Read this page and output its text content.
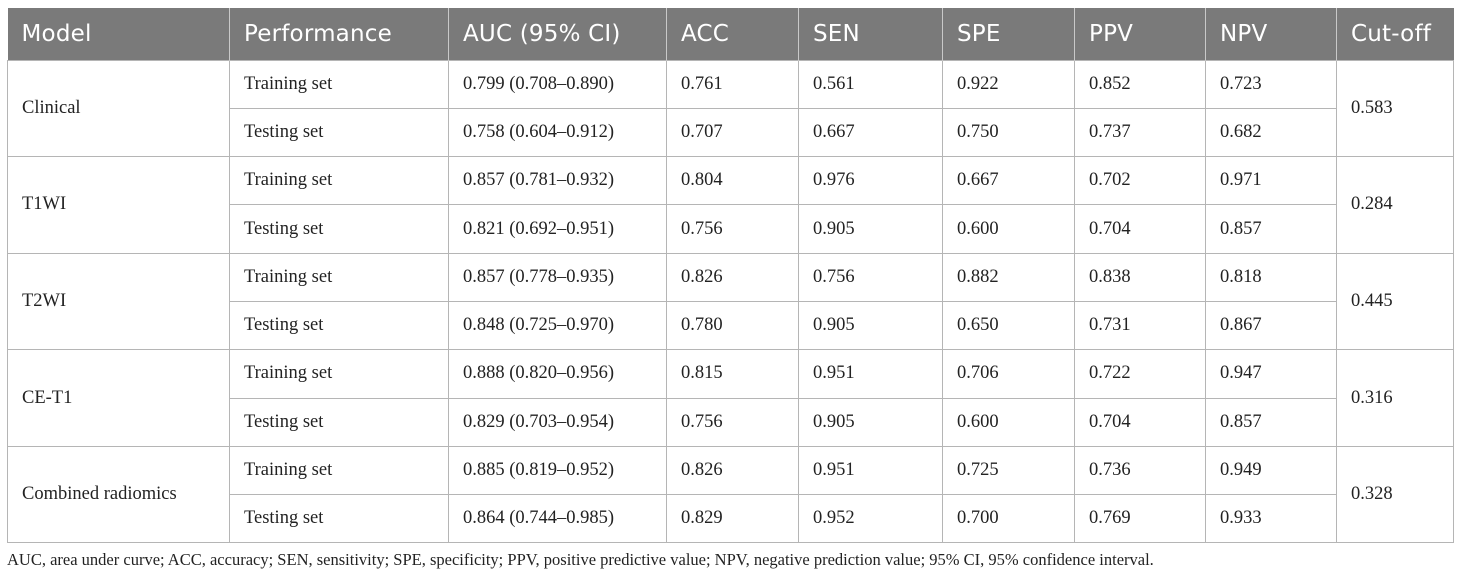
Model	Performance	AUC (95% CI)	ACC	SEN	SPE	PPV	NPV	Cut-off
Clinical	Training set	0.799 (0.708–0.890)	0.761	0.561	0.922	0.852	0.723	0.583
	Testing set	0.758 (0.604–0.912)	0.707	0.667	0.750	0.737	0.682	
T1WI	Training set	0.857 (0.781–0.932)	0.804	0.976	0.667	0.702	0.971	0.284
	Testing set	0.821 (0.692–0.951)	0.756	0.905	0.600	0.704	0.857	
T2WI	Training set	0.857 (0.778–0.935)	0.826	0.756	0.882	0.838	0.818	0.445
	Testing set	0.848 (0.725–0.970)	0.780	0.905	0.650	0.731	0.867	
CE-T1	Training set	0.888 (0.820–0.956)	0.815	0.951	0.706	0.722	0.947	0.316
	Testing set	0.829 (0.703–0.954)	0.756	0.905	0.600	0.704	0.857	
Combined radiomics	Training set	0.885 (0.819–0.952)	0.826	0.951	0.725	0.736	0.949	0.328
	Testing set	0.864 (0.744–0.985)	0.829	0.952	0.700	0.769	0.933	
AUC, area under curve; ACC, accuracy; SEN, sensitivity; SPE, specificity; PPV, positive predictive value; NPV, negative prediction value; 95% CI, 95% confidence interval.
